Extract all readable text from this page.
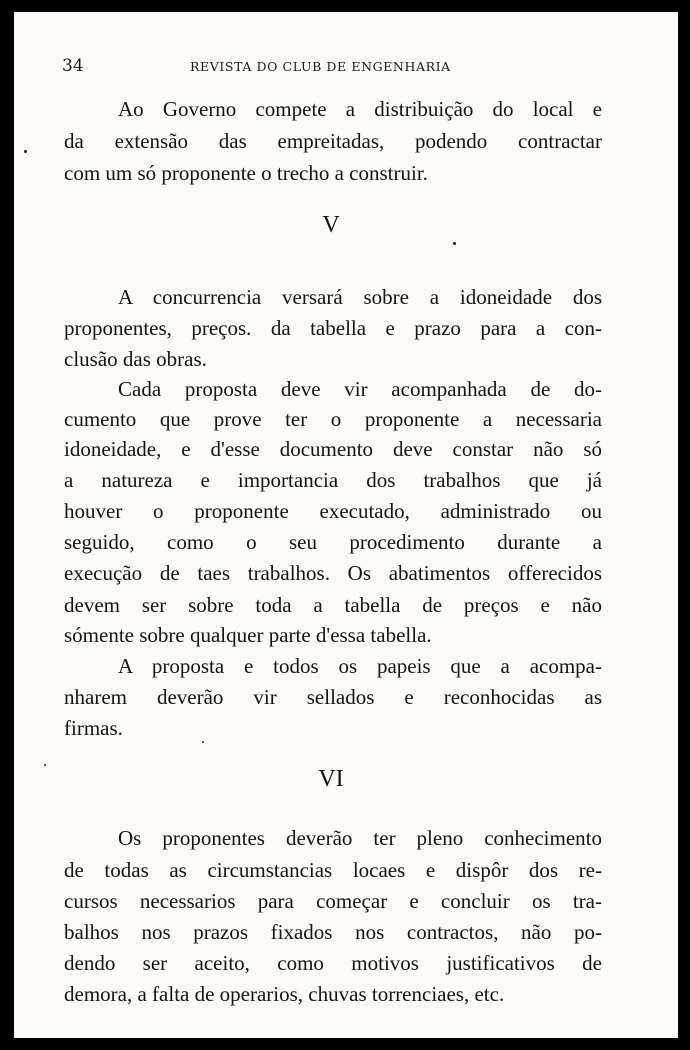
34	REVISTA DO CLUB DE ENGENHARIA
Ao Governo compete a distribuição do local e
da extensão das empreitadas, podendo contractar
com um só proponente o trecho a construir.
V
A concurrencia versará sobre a idoneidade dos
proponentes, preços. da tabella e prazo para a con-
clusão das obras.
Cada proposta deve vir acompanhada de do-
cumento que prove ter o proponente a necessaria
idoneidade, e d'esse documento deve constar não só
a natureza e importancia dos trabalhos que já
houver o proponente executado, administrado ou
seguido, como o seu procedimento durante a
execução de taes trabalhos. Os abatimentos offerecidos
devem ser sobre toda a tabella de preços e não
sómente sobre qualquer parte d'essa tabella.
A proposta e todos os papeis que a acompa-
nharem deverão vir sellados e reconhocidas as
firmas.
VI
Os proponentes deverão ter pleno conhecimento
de todas as circumstancias locaes e dispôr dos re-
cursos necessarios para começar e concluir os tra-
balhos nos prazos fixados nos contractos, não po-
dendo ser aceito, como motivos justificativos de
demora, a falta de operarios, chuvas torrenciaes, etc.
